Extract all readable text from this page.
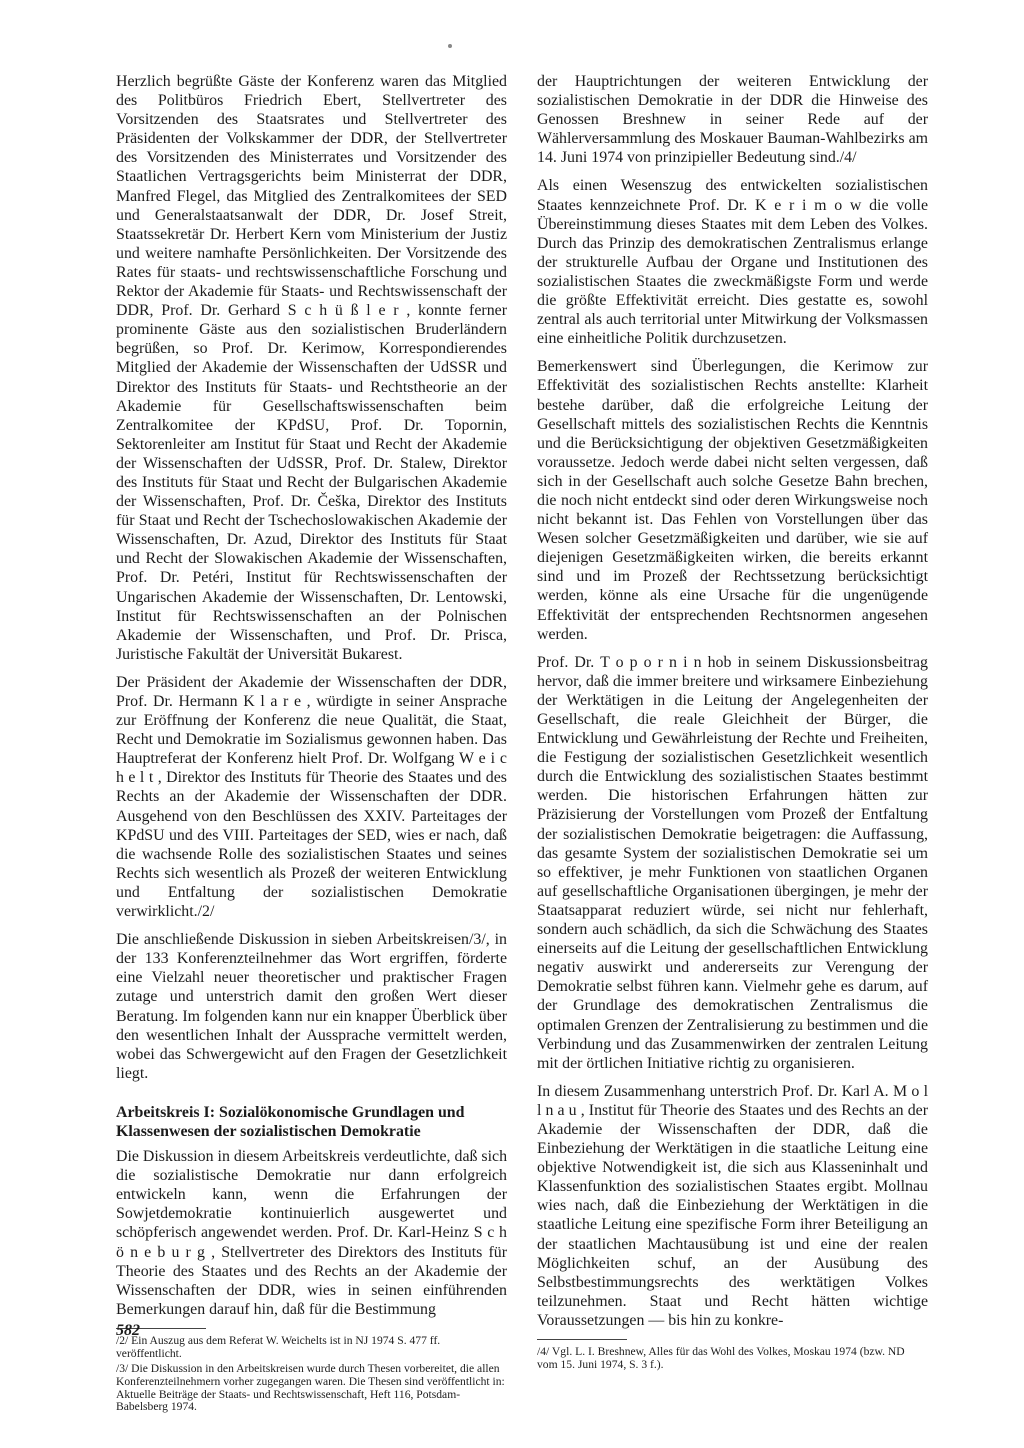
Herzlich begrüßte Gäste der Konferenz waren das Mitglied des Politbüros Friedrich Ebert, Stellvertreter des Vorsitzenden des Staatsrates und Stellvertreter des Präsidenten der Volkskammer der DDR, der Stellvertreter des Vorsitzenden des Ministerrates und Vorsitzender des Staatlichen Vertragsgerichts beim Ministerrat der DDR, Manfred Flegel, das Mitglied des Zentralkomitees der SED und Generalstaatsanwalt der DDR, Dr. Josef Streit, Staatssekretär Dr. Herbert Kern vom Ministerium der Justiz und weitere namhafte Persönlichkeiten. Der Vorsitzende des Rates für staats- und rechtswissenschaftliche Forschung und Rektor der Akademie für Staats- und Rechtswissenschaft der DDR, Prof. Dr. Gerhard S c h ü ß l e r , konnte ferner prominente Gäste aus den sozialistischen Bruderländern begrüßen, so Prof. Dr. Kerimow, Korrespondierendes Mitglied der Akademie der Wissenschaften der UdSSR und Direktor des Instituts für Staats- und Rechtstheorie an der Akademie für Gesellschaftswissenschaften beim Zentralkomitee der KPdSU, Prof. Dr. Topornin, Sektorenleiter am Institut für Staat und Recht der Akademie der Wissenschaften der UdSSR, Prof. Dr. Stalew, Direktor des Instituts für Staat und Recht der Bulgarischen Akademie der Wissenschaften, Prof. Dr. Češka, Direktor des Instituts für Staat und Recht der Tschechoslowakischen Akademie der Wissenschaften, Dr. Azud, Direktor des Instituts für Staat und Recht der Slowakischen Akademie der Wissenschaften, Prof. Dr. Petéri, Institut für Rechtswissenschaften der Ungarischen Akademie der Wissenschaften, Dr. Lentowski, Institut für Rechtswissenschaften an der Polnischen Akademie der Wissenschaften, und Prof. Dr. Prisca, Juristische Fakultät der Universität Bukarest.

Der Präsident der Akademie der Wissenschaften der DDR, Prof. Dr. Hermann K l a r e , würdigte in seiner Ansprache zur Eröffnung der Konferenz die neue Qualität, die Staat, Recht und Demokratie im Sozialismus gewonnen haben. Das Hauptreferat der Konferenz hielt Prof. Dr. Wolfgang W e i c h e l t , Direktor des Instituts für Theorie des Staates und des Rechts an der Akademie der Wissenschaften der DDR. Ausgehend von den Beschlüssen des XXIV. Parteitages der KPdSU und des VIII. Parteitages der SED, wies er nach, daß die wachsende Rolle des sozialistischen Staates und seines Rechts sich wesentlich als Prozeß der weiteren Entwicklung und Entfaltung der sozialistischen Demokratie verwirklicht./2/

Die anschließende Diskussion in sieben Arbeitskreisen/3/, in der 133 Konferenzteilnehmer das Wort ergriffen, förderte eine Vielzahl neuer theoretischer und praktischer Fragen zutage und unterstrich damit den großen Wert dieser Beratung. Im folgenden kann nur ein knapper Überblick über den wesentlichen Inhalt der Aussprache vermittelt werden, wobei das Schwergewicht auf den Fragen der Gesetzlichkeit liegt.

Arbeitskreis I: Sozialökonomische Grundlagen und Klassenwesen der sozialistischen Demokratie

Die Diskussion in diesem Arbeitskreis verdeutlichte, daß sich die sozialistische Demokratie nur dann erfolgreich entwickeln kann, wenn die Erfahrungen der Sowjetdemokratie kontinuierlich ausgewertet und schöpferisch angewendet werden. Prof. Dr. Karl-Heinz S c h ö n e b u r g , Stellvertreter des Direktors des Instituts für Theorie des Staates und des Rechts an der Akademie der Wissenschaften der DDR, wies in seinen einführenden Bemerkungen darauf hin, daß für die Bestimmung

/2/ Ein Auszug aus dem Referat W. Weichelts ist in NJ 1974 S. 477 ff. veröffentlicht.

/3/ Die Diskussion in den Arbeitskreisen wurde durch Thesen vorbereitet, die allen Konferenzteilnehmern vorher zugegangen waren. Die Thesen sind veröffentlicht in: Aktuelle Beiträge der Staats- und Rechtswissenschaft, Heft 116, Potsdam-Babelsberg 1974.

der Hauptrichtungen der weiteren Entwicklung der sozialistischen Demokratie in der DDR die Hinweise des Genossen Breshnew in seiner Rede auf der Wählerversammlung des Moskauer Bauman-Wahlbezirks am 14. Juni 1974 von prinzipieller Bedeutung sind./4/

Als einen Wesenszug des entwickelten sozialistischen Staates kennzeichnete Prof. Dr. K e r i m o w die volle Übereinstimmung dieses Staates mit dem Leben des Volkes. Durch das Prinzip des demokratischen Zentralismus erlange der strukturelle Aufbau der Organe und Institutionen des sozialistischen Staates die zweckmäßigste Form und werde die größte Effektivität erreicht. Dies gestatte es, sowohl zentral als auch territorial unter Mitwirkung der Volksmassen eine einheitliche Politik durchzusetzen.

Bemerkenswert sind Überlegungen, die Kerimow zur Effektivität des sozialistischen Rechts anstellte: Klarheit bestehe darüber, daß die erfolgreiche Leitung der Gesellschaft mittels des sozialistischen Rechts die Kenntnis und die Berücksichtigung der objektiven Gesetzmäßigkeiten voraussetze. Jedoch werde dabei nicht selten vergessen, daß sich in der Gesellschaft auch solche Gesetze Bahn brechen, die noch nicht entdeckt sind oder deren Wirkungsweise noch nicht bekannt ist. Das Fehlen von Vorstellungen über das Wesen solcher Gesetzmäßigkeiten und darüber, wie sie auf diejenigen Gesetzmäßigkeiten wirken, die bereits erkannt sind und im Prozeß der Rechtssetzung berücksichtigt werden, könne als eine Ursache für die ungenügende Effektivität der entsprechenden Rechtsnormen angesehen werden.

Prof. Dr. T o p o r n i n hob in seinem Diskussionsbeitrag hervor, daß die immer breitere und wirksamere Einbeziehung der Werktätigen in die Leitung der Angelegenheiten der Gesellschaft, die reale Gleichheit der Bürger, die Entwicklung und Gewährleistung der Rechte und Freiheiten, die Festigung der sozialistischen Gesetzlichkeit wesentlich durch die Entwicklung des sozialistischen Staates bestimmt werden. Die historischen Erfahrungen hätten zur Präzisierung der Vorstellungen vom Prozeß der Entfaltung der sozialistischen Demokratie beigetragen: die Auffassung, das gesamte System der sozialistischen Demokratie sei um so effektiver, je mehr Funktionen von staatlichen Organen auf gesellschaftliche Organisationen übergingen, je mehr der Staatsapparat reduziert würde, sei nicht nur fehlerhaft, sondern auch schädlich, da sich die Schwächung des Staates einerseits auf die Leitung der gesellschaftlichen Entwicklung negativ auswirkt und andererseits zur Verengung der Demokratie selbst führen kann. Vielmehr gehe es darum, auf der Grundlage des demokratischen Zentralismus die optimalen Grenzen der Zentralisierung zu bestimmen und die Verbindung und das Zusammenwirken der zentralen Leitung mit der örtlichen Initiative richtig zu organisieren.

In diesem Zusammenhang unterstrich Prof. Dr. Karl A. M o l l n a u , Institut für Theorie des Staates und des Rechts an der Akademie der Wissenschaften der DDR, daß die Einbeziehung der Werktätigen in die staatliche Leitung eine objektive Notwendigkeit ist, die sich aus Klasseninhalt und Klassenfunktion des sozialistischen Staates ergibt. Mollnau wies nach, daß die Einbeziehung der Werktätigen in die staatliche Leitung eine spezifische Form ihrer Beteiligung an der staatlichen Machtausübung ist und eine der realen Möglichkeiten schuf, an der Ausübung des Selbstbestimmungsrechts des werktätigen Volkes teilzunehmen. Staat und Recht hätten wichtige Voraussetzungen — bis hin zu konkre-

/4/ Vgl. L. I. Breshnew, Alles für das Wohl des Volkes, Moskau 1974 (bzw. ND vom 15. Juni 1974, S. 3 f.).

582
